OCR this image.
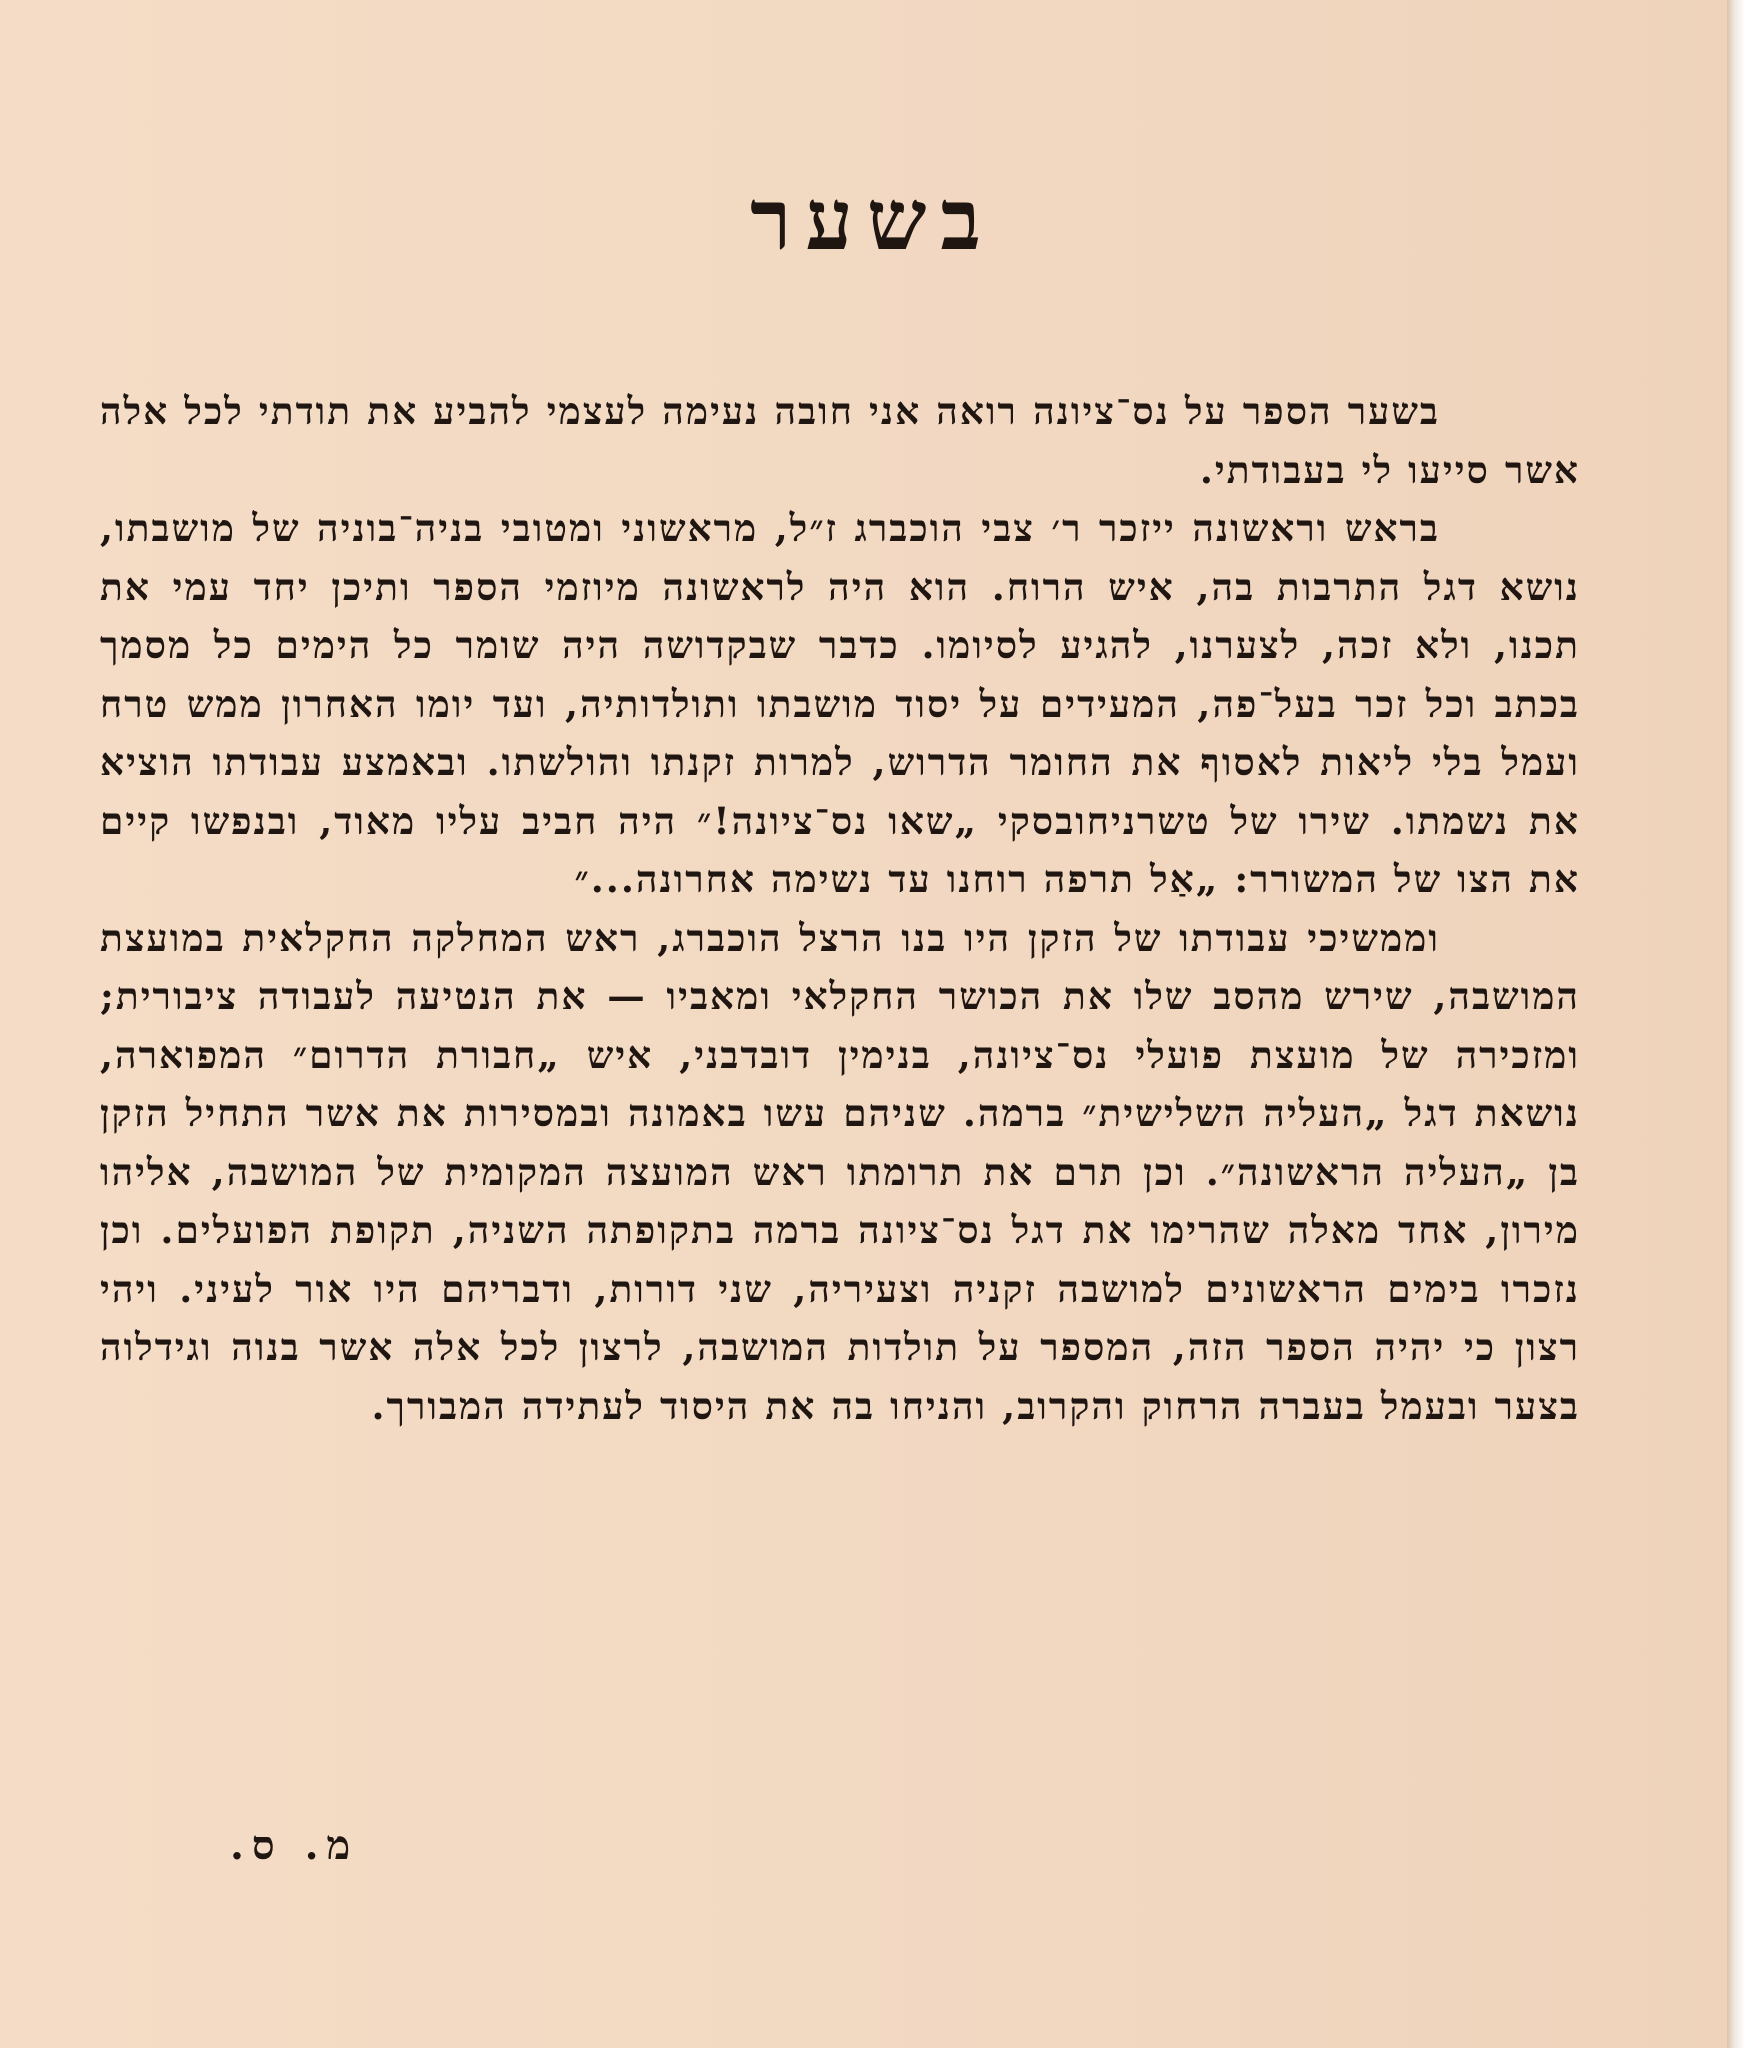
בשער

בשער הספר על נס־ציונה רואה אני חובה נעימה לעצמי להביע את תודתי לכל אלה אשר סייעו לי בעבודתי.

בראש וראשונה ייזכר ר׳ צבי הוכברג ז״ל, מראשוני ומטובי בניה־בוניה של מושבתו, נושא דגל התרבות בה, איש הרוח. הוא היה לראשונה מיוזמי הספר ותיכן יחד עמי את תכנו, ולא זכה, לצערנו, להגיע לסיומו. כדבר שבקדושה היה שומר כל הימים כל מסמך בכתב וכל זכר בעל־פה, המעידים על יסוד מושבתו ותולדותיה, ועד יומו האחרון ממש טרח ועמל בלי ליאות לאסוף את החומר הדרוש, למרות זקנתו והולשתו. ובאמצע עבודתו הוציא את נשמתו. שירו של טשרניחובסקי „שאו נס־ציונה!״ היה חביב עליו מאוד, ובנפשו קיים את הצו של המשורר: „אַל תרפה רוחנו עד נשימה אחרונה...״

וממשיכי עבודתו של הזקן היו בנו הרצל הוכברג, ראש המחלקה החקלאית במועצת המושבה, שירש מהסב שלו את הכושר החקלאי ומאביו — את הנטיעה לעבודה ציבורית; ומזכירה של מועצת פועלי נס־ציונה, בנימין דובדבני, איש „חבורת הדרום״ המפוארה, נושאת דגל „העליה השלישית״ ברמה. שניהם עשו באמונה ובמסירות את אשר התחיל הזקן בן „העליה הראשונה״. וכן תרם את תרומתו ראש המועצה המקומית של המושבה, אליהו מירון, אחד מאלה שהרימו את דגל נס־ציונה ברמה בתקופתה השניה, תקופת הפועלים. וכן נזכרו בימים הראשונים למושבה זקניה וצעיריה, שני דורות, ודבריהם היו אור לעיני. ויהי רצון כי יהיה הספר הזה, המספר על תולדות המושבה, לרצון לכל אלה אשר בנוה וגידלוה בצער ובעמל בעברה הרחוק והקרוב, והניחו בה את היסוד לעתידה המבורך.

מ. ס.
